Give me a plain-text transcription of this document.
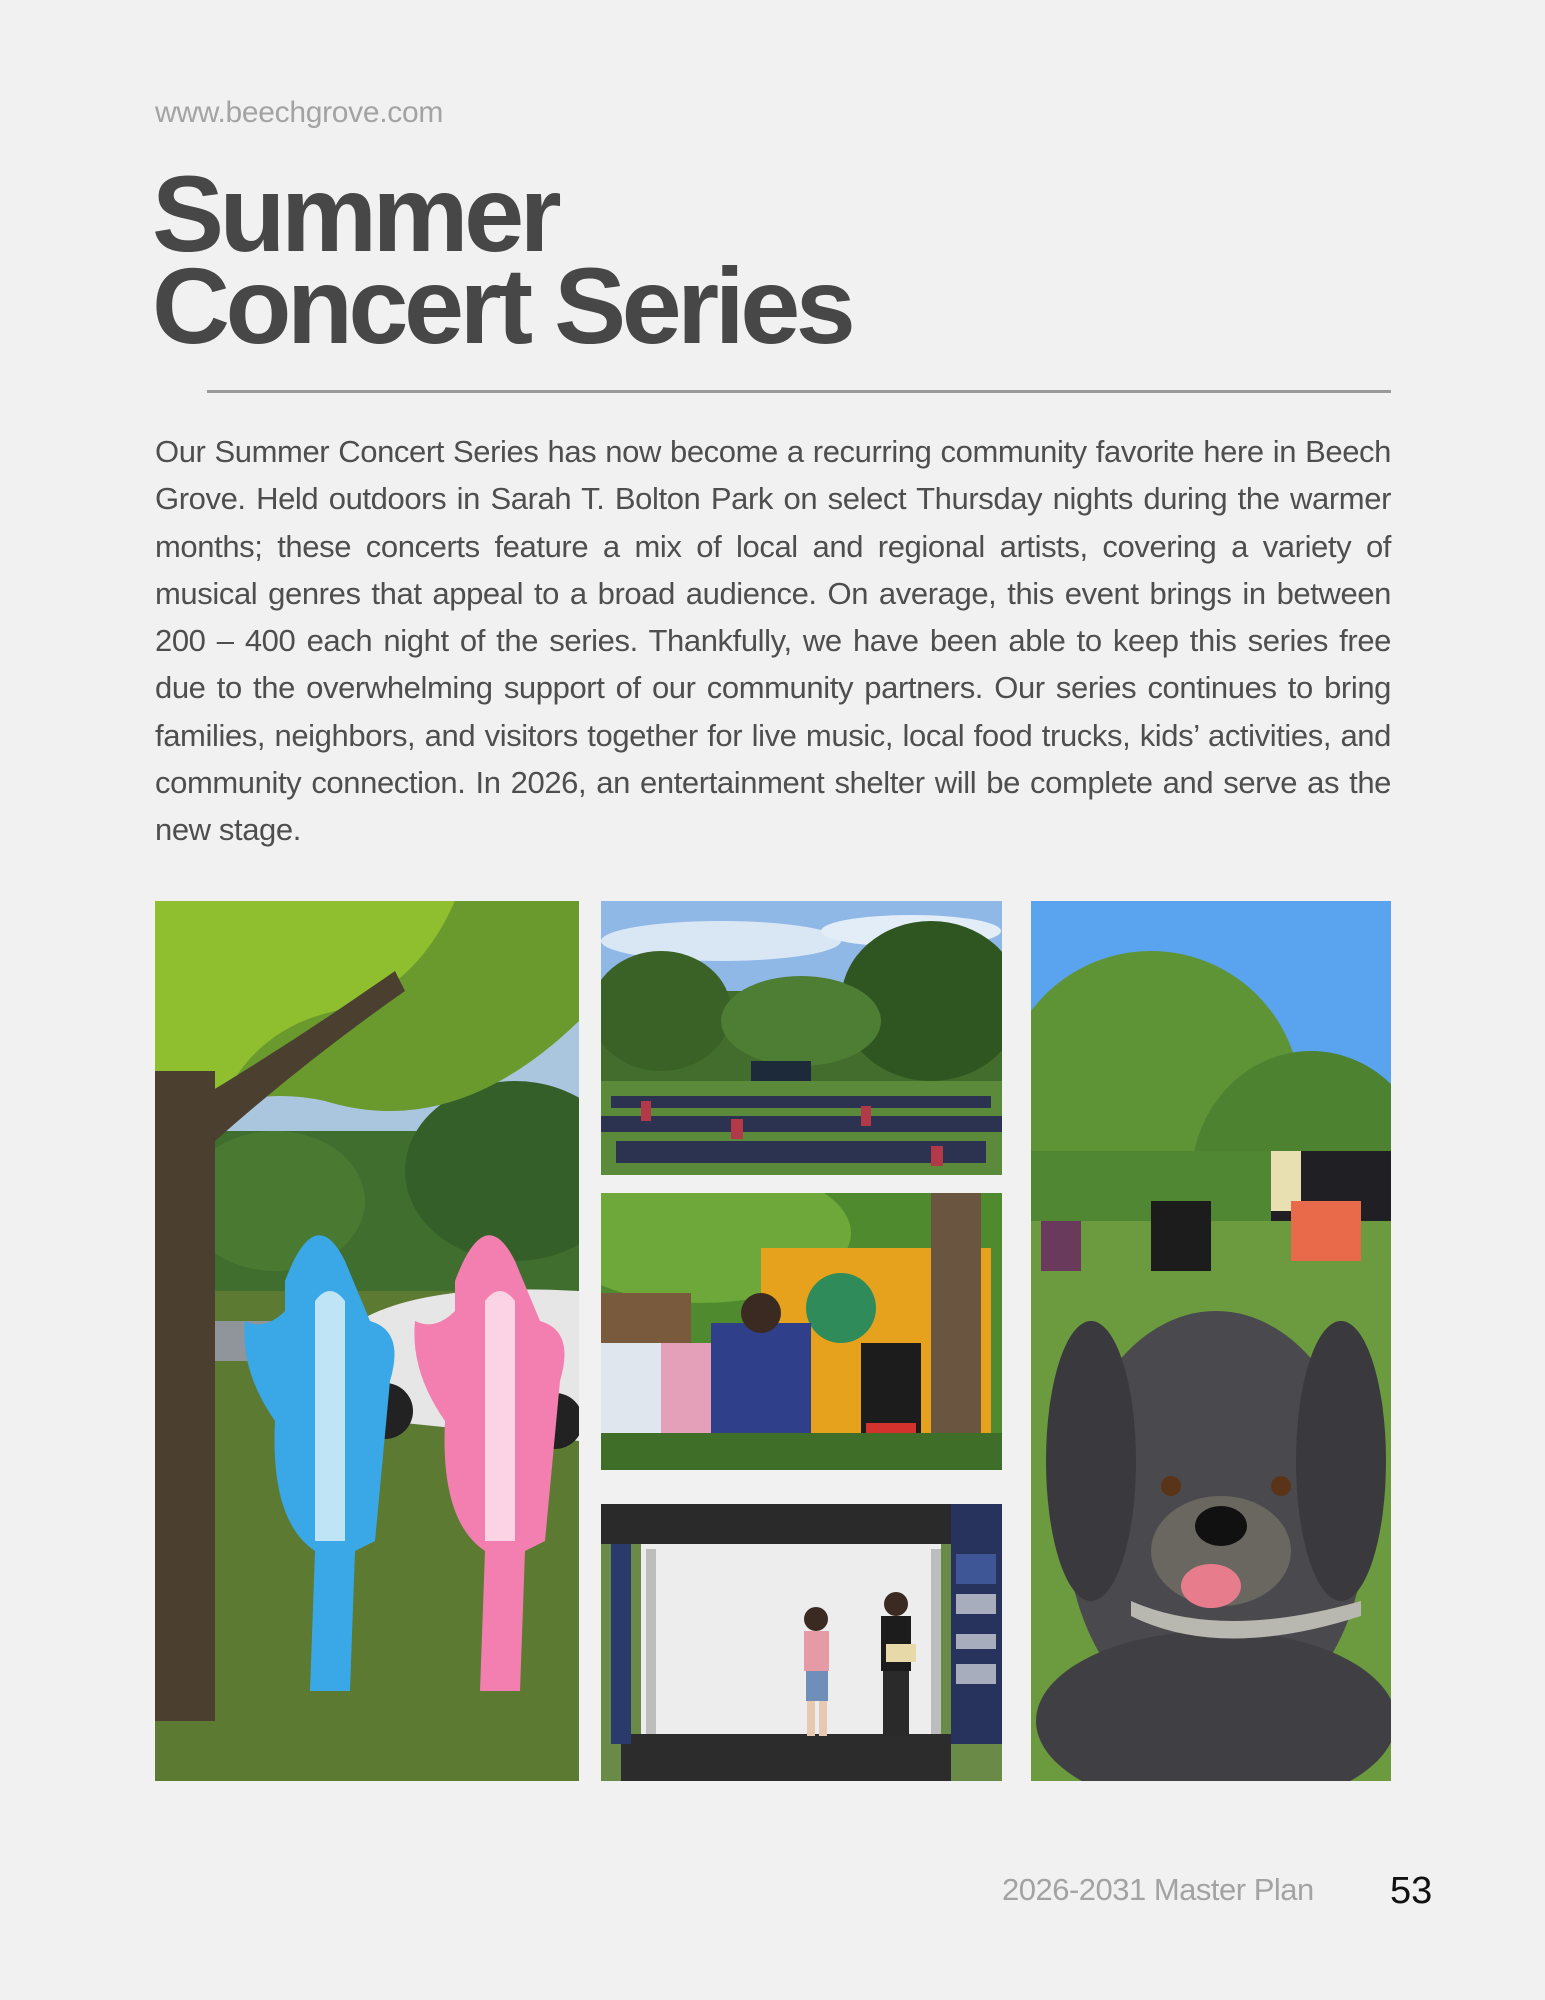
www.beechgrove.com
Summer
Concert Series

Our Summer Concert Series has now become a recurring community favorite here in Beech Grove. Held outdoors in Sarah T. Bolton Park on select Thursday nights during the warmer months; these concerts feature a mix of local and regional artists, covering a variety of musical genres that appeal to a broad audience. On average, this event brings in between 200 – 400 each night of the series. Thankfully, we have been able to keep this series free due to the overwhelming support of our community partners. Our series continues to bring families, neighbors, and visitors together for live music, local food trucks, kids’ activities, and community connection. In 2026, an entertainment shelter will be complete and serve as the new stage.

2026-2031 Master Plan 53
